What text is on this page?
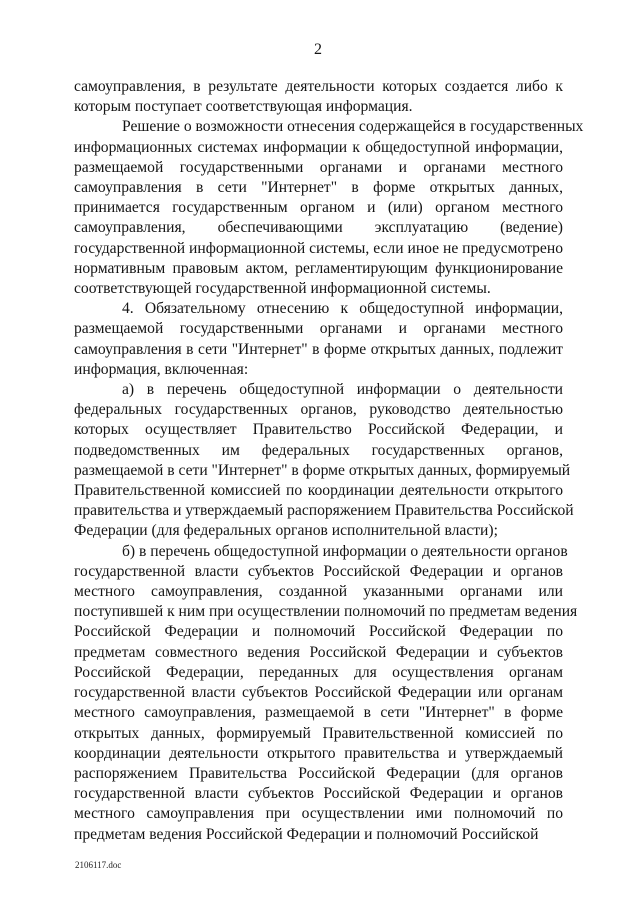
2

самоуправления, в результате деятельности которых создается либо к
которым поступает соответствующая информация.

Решение о возможности отнесения содержащейся в государственных
информационных системах информации к общедоступной информации,
размещаемой государственными органами и органами местного
самоуправления в сети "Интернет" в форме открытых данных,
принимается государственным органом и (или) органом местного
самоуправления, обеспечивающими эксплуатацию (ведение)
государственной информационной системы, если иное не предусмотрено
нормативным правовым актом, регламентирующим функционирование
соответствующей государственной информационной системы.

4. Обязательному отнесению к общедоступной информации,
размещаемой государственными органами и органами местного
самоуправления в сети "Интернет" в форме открытых данных, подлежит
информация, включенная:

а) в перечень общедоступной информации о деятельности
федеральных государственных органов, руководство деятельностью
которых осуществляет Правительство Российской Федерации, и
подведомственных им федеральных государственных органов,
размещаемой в сети "Интернет" в форме открытых данных, формируемый
Правительственной комиссией по координации деятельности открытого
правительства и утверждаемый распоряжением Правительства Российской
Федерации (для федеральных органов исполнительной власти);

б) в перечень общедоступной информации о деятельности органов
государственной власти субъектов Российской Федерации и органов
местного самоуправления, созданной указанными органами или
поступившей к ним при осуществлении полномочий по предметам ведения
Российской Федерации и полномочий Российской Федерации по
предметам совместного ведения Российской Федерации и субъектов
Российской Федерации, переданных для осуществления органам
государственной власти субъектов Российской Федерации или органам
местного самоуправления, размещаемой в сети "Интернет" в форме
открытых данных, формируемый Правительственной комиссией по
координации деятельности открытого правительства и утверждаемый
распоряжением Правительства Российской Федерации (для органов
государственной власти субъектов Российской Федерации и органов
местного самоуправления при осуществлении ими полномочий по
предметам ведения Российской Федерации и полномочий Российской

2106117.doc
